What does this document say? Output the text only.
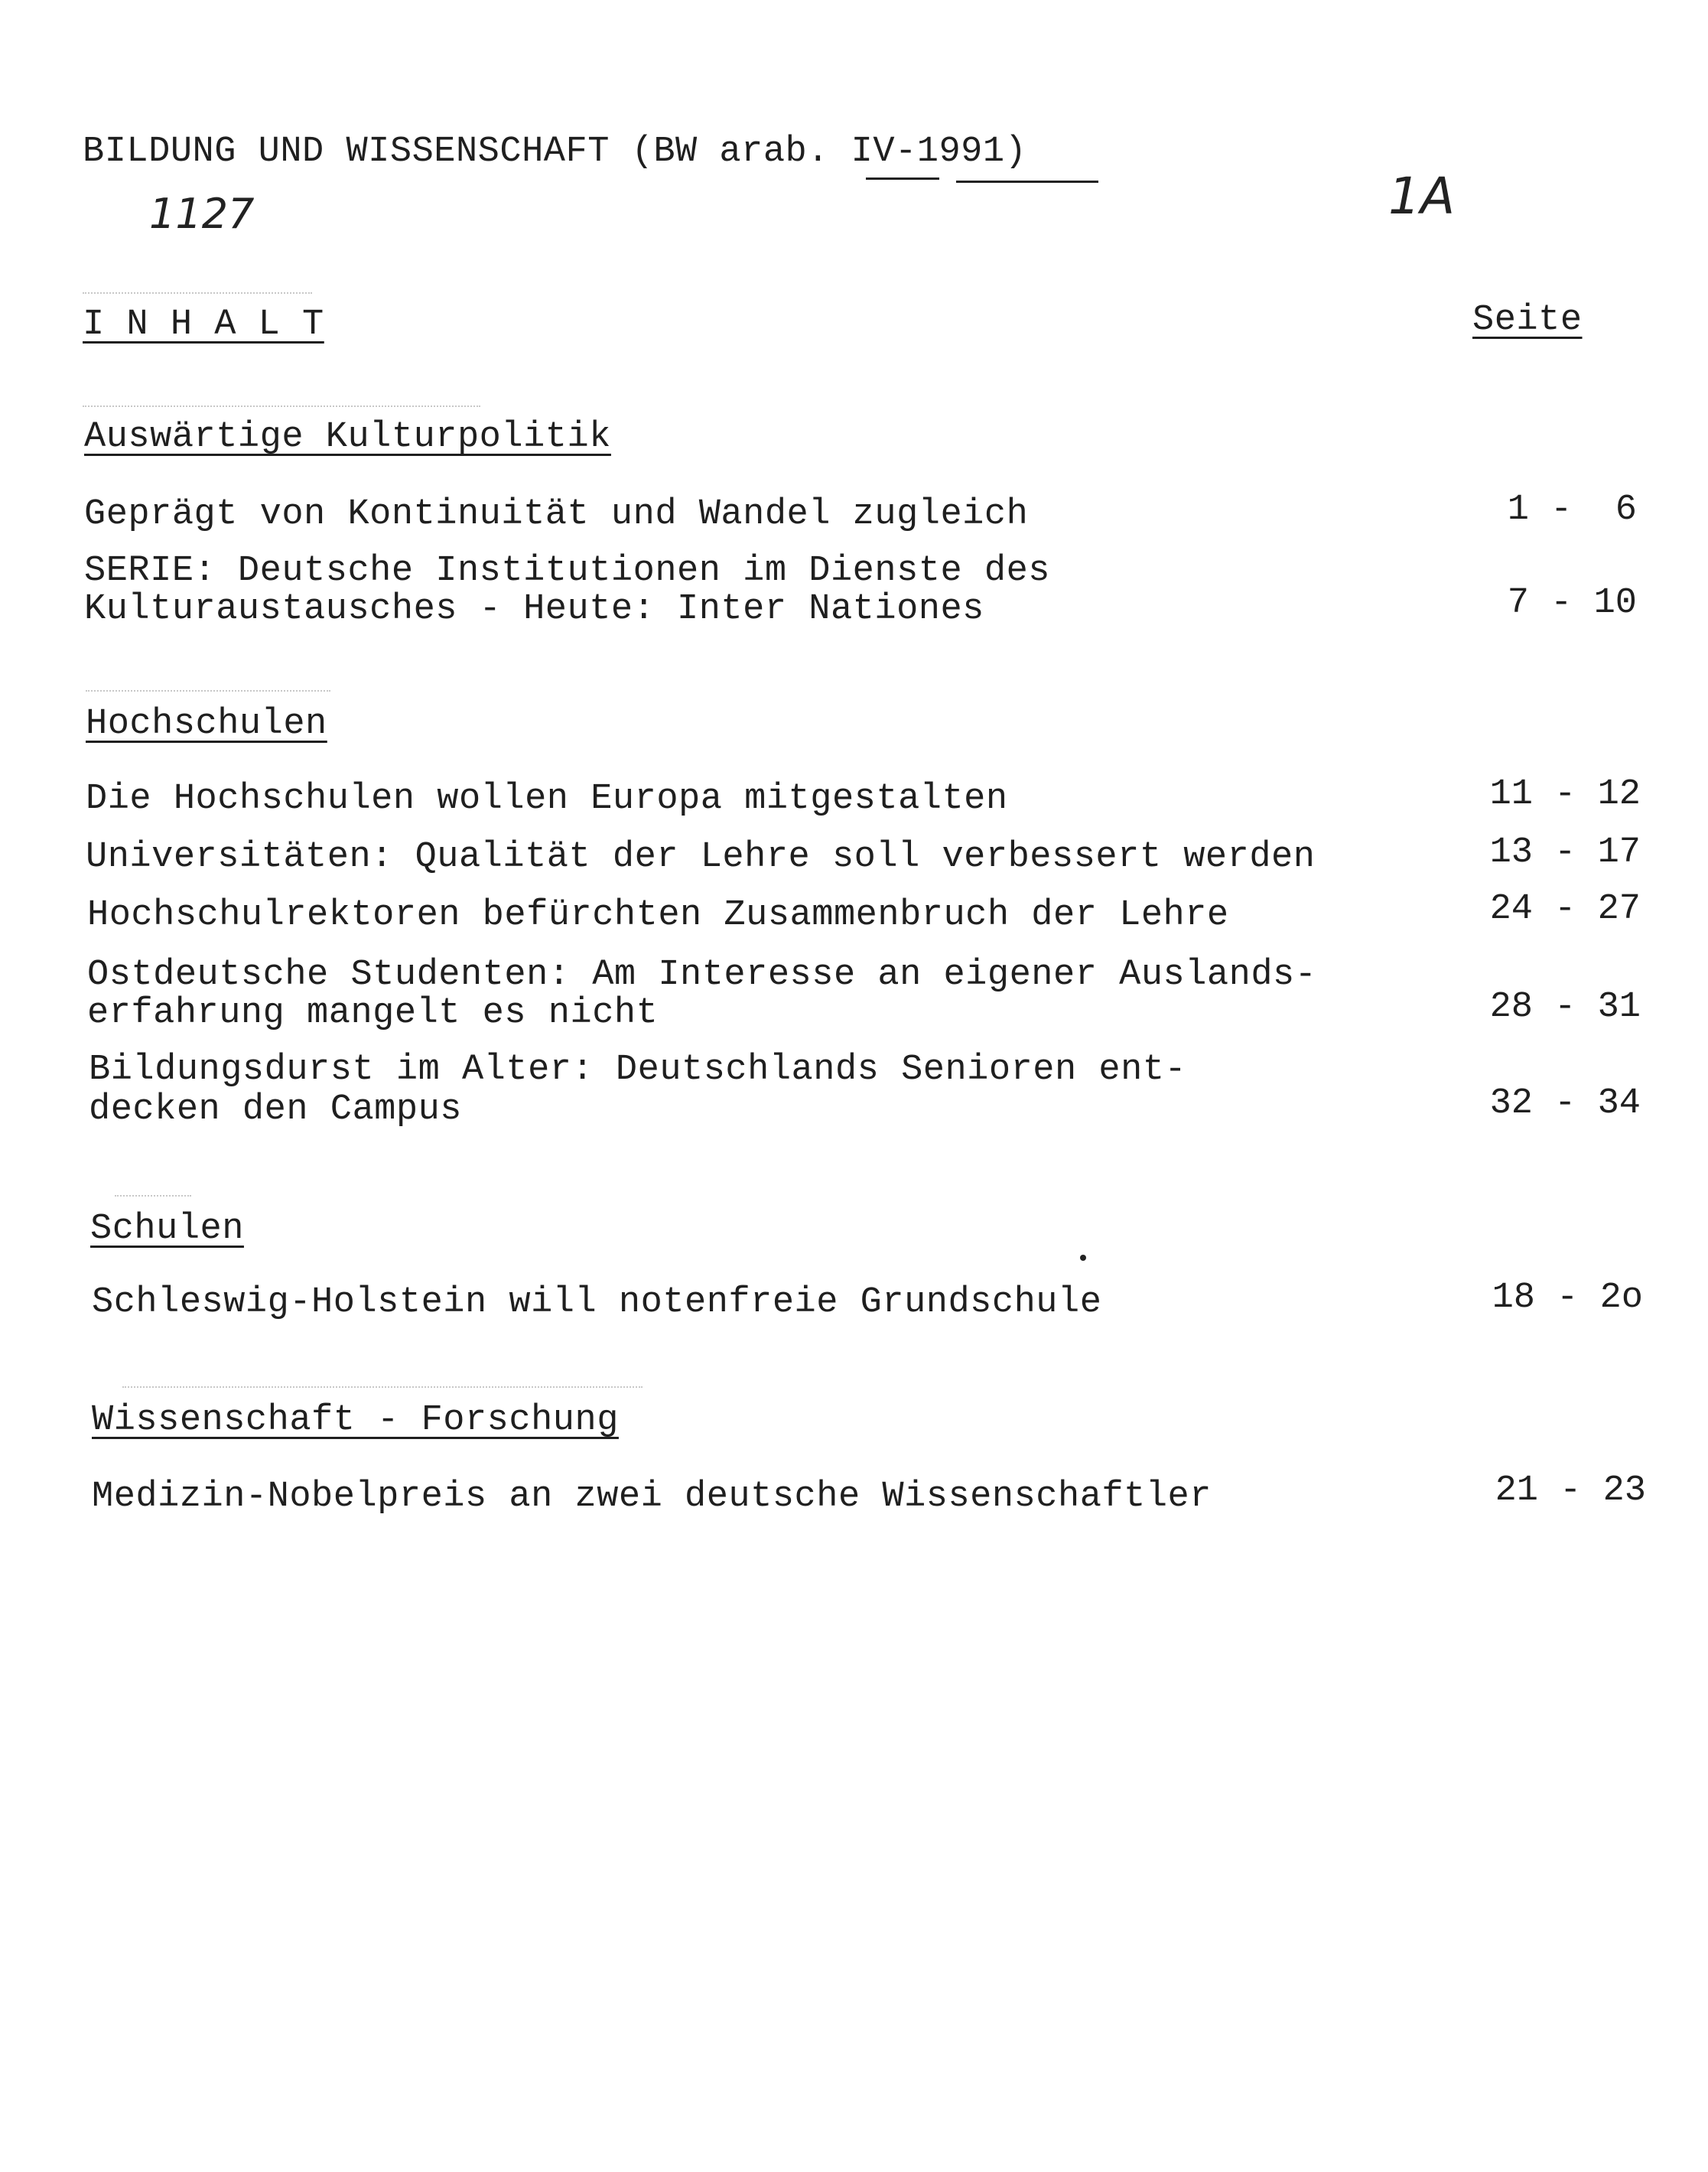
BILDUNG UND WISSENSCHAFT (BW arab. IV-1991)
1127	1A
I N H A L T	Seite
Auswärtige Kulturpolitik
Geprägt von Kontinuität und Wandel zugleich	1 -  6
SERIE: Deutsche Institutionen im Dienste des
Kulturaustausches - Heute: Inter Nationes	7 - 10
Hochschulen
Die Hochschulen wollen Europa mitgestalten	11 - 12
Universitäten: Qualität der Lehre soll verbessert werden	13 - 17
Hochschulrektoren befürchten Zusammenbruch der Lehre	24 - 27
Ostdeutsche Studenten: Am Interesse an eigener Auslands-
erfahrung mangelt es nicht	28 - 31
Bildungsdurst im Alter: Deutschlands Senioren ent-
decken den Campus	32 - 34
Schulen
Schleswig-Holstein will notenfreie Grundschule	18 - 2o
Wissenschaft - Forschung
Medizin-Nobelpreis an zwei deutsche Wissenschaftler	21 - 23
